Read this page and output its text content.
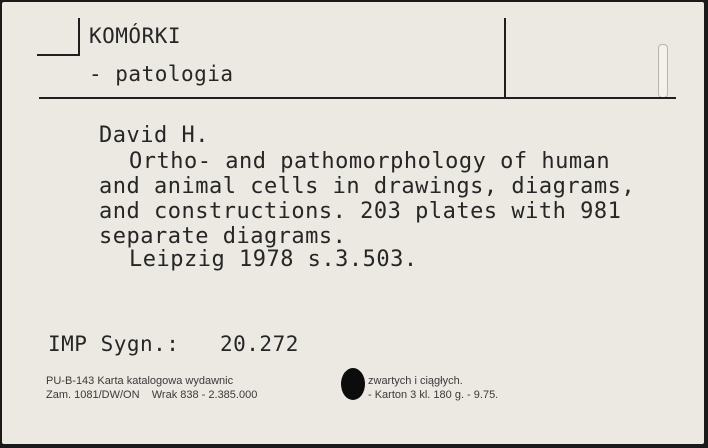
KOMÓRKI
- patologia
David H.
Ortho- and pathomorphology of human
and animal cells in drawings, diagrams,
and constructions. 203 plates with 981
separate diagrams.
Leipzig 1978 s.3.503.
IMP Sygn.: 20.272
PU-B-143 Karta katalogowa wydawnic	zwartych i ciągłych.
Zam. 1081/DW/ON    Wrak 838 - 2.385.000	- Karton 3 kl. 180 g. - 9.75.
